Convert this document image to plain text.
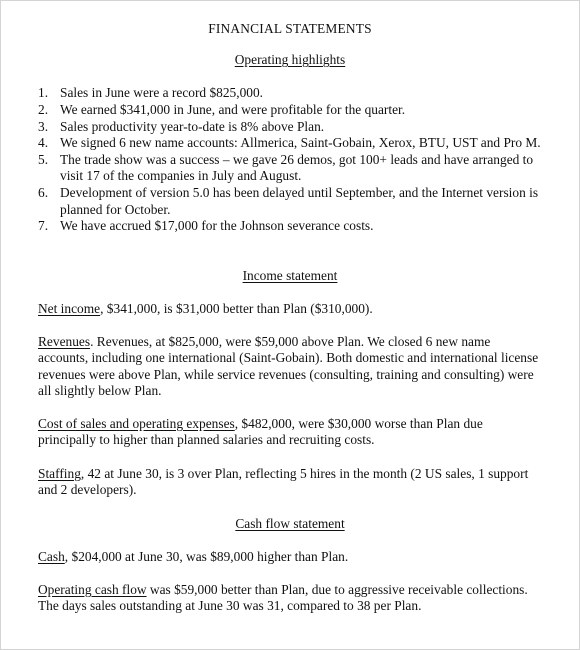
FINANCIAL STATEMENTS
Operating highlights
1. Sales in June were a record $825,000.
2. We earned $341,000 in June, and were profitable for the quarter.
3. Sales productivity year-to-date is 8% above Plan.
4. We signed 6 new name accounts: Allmerica, Saint-Gobain, Xerox, BTU, UST and Pro M.
5. The trade show was a success – we gave 26 demos, got 100+ leads and have arranged to visit 17 of the companies in July and August.
6. Development of version 5.0 has been delayed until September, and the Internet version is planned for October.
7. We have accrued $17,000 for the Johnson severance costs.
Income statement

Net income, $341,000, is $31,000 better than Plan ($310,000).

Revenues. Revenues, at $825,000, were $59,000 above Plan. We closed 6 new name accounts, including one international (Saint-Gobain). Both domestic and international license revenues were above Plan, while service revenues (consulting, training and consulting) were all slightly below Plan.

Cost of sales and operating expenses, $482,000, were $30,000 worse than Plan due principally to higher than planned salaries and recruiting costs.

Staffing, 42 at June 30, is 3 over Plan, reflecting 5 hires in the month (2 US sales, 1 support and 2 developers).

Cash flow statement

Cash, $204,000 at June 30, was $89,000 higher than Plan.

Operating cash flow was $59,000 better than Plan, due to aggressive receivable collections. The days sales outstanding at June 30 was 31, compared to 38 per Plan.
